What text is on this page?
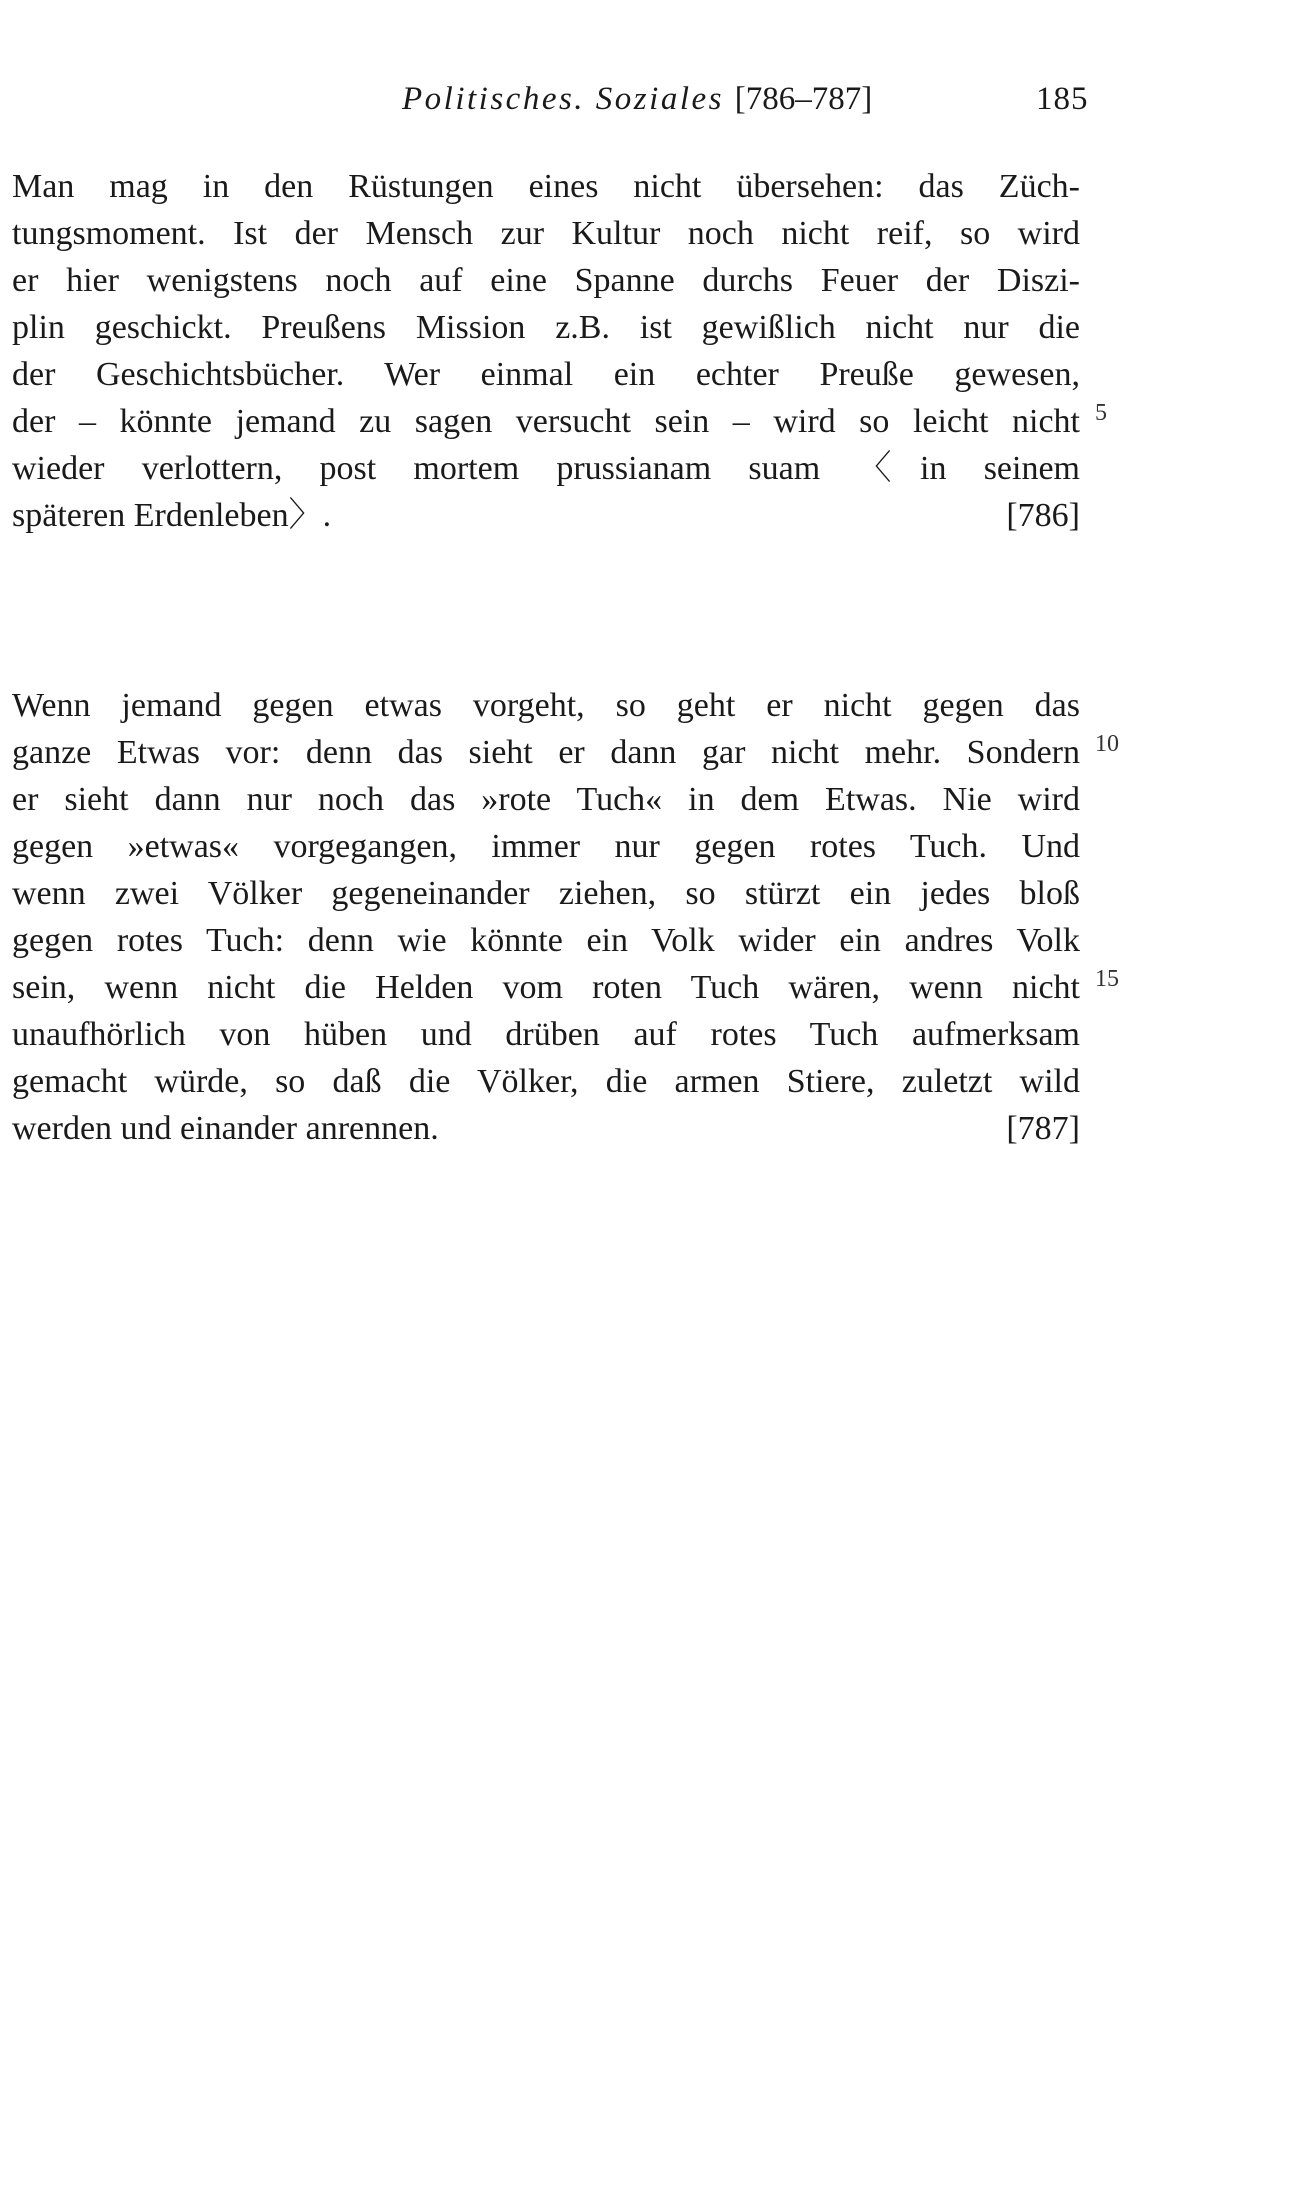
Politisches. Soziales [786–787]	185
Man mag in den Rüstungen eines nicht übersehen: das Züch-
tungsmoment. Ist der Mensch zur Kultur noch nicht reif, so wird
er hier wenigstens noch auf eine Spanne durchs Feuer der Diszi-
plin geschickt. Preußens Mission z.B. ist gewißlich nicht nur die
der Geschichtsbücher. Wer einmal ein echter Preuße gewesen,
der – könnte jemand zu sagen versucht sein – wird so leicht nicht
wieder verlottern, post mortem prussianam suam 〈in seinem
späteren Erdenleben〉.	[786]
Wenn jemand gegen etwas vorgeht, so geht er nicht gegen das
ganze Etwas vor: denn das sieht er dann gar nicht mehr. Sondern
er sieht dann nur noch das »rote Tuch« in dem Etwas. Nie wird
gegen »etwas« vorgegangen, immer nur gegen rotes Tuch. Und
wenn zwei Völker gegeneinander ziehen, so stürzt ein jedes bloß
gegen rotes Tuch: denn wie könnte ein Volk wider ein andres Volk
sein, wenn nicht die Helden vom roten Tuch wären, wenn nicht
unaufhörlich von hüben und drüben auf rotes Tuch aufmerksam
gemacht würde, so daß die Völker, die armen Stiere, zuletzt wild
werden und einander anrennen.	[787]
5
10
15
